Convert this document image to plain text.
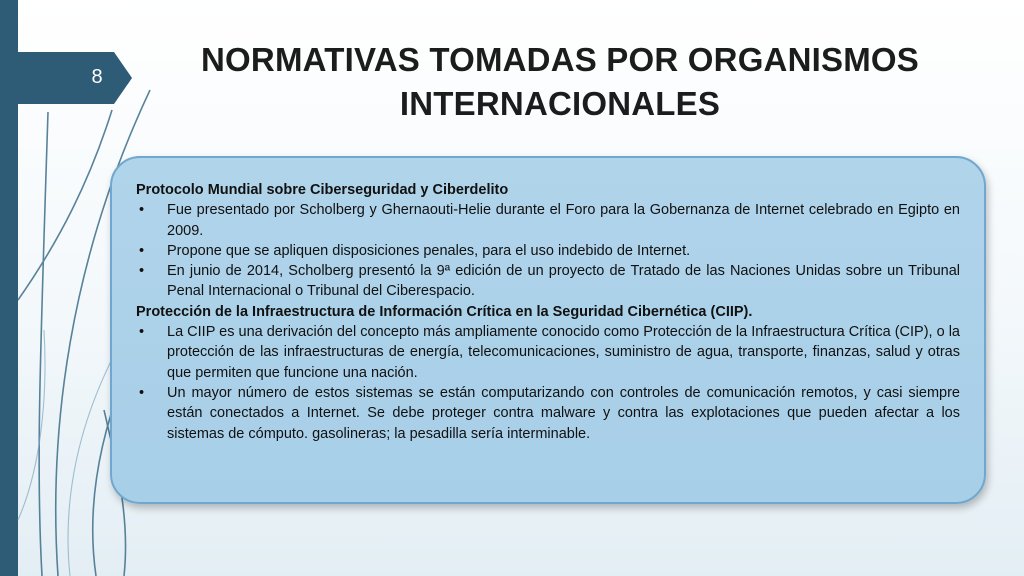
8	NORMATIVAS TOMADAS POR ORGANISMOS INTERNACIONALES
Protocolo Mundial sobre Ciberseguridad y Ciberdelito
• Fue presentado por Scholberg y Ghernaouti-Helie durante el Foro para la Gobernanza de Internet celebrado en Egipto en 2009.
• Propone que se apliquen disposiciones penales, para el uso indebido de Internet.
• En junio de 2014, Scholberg presentó la 9ª edición de un proyecto de Tratado de las Naciones Unidas sobre un Tribunal Penal Internacional o Tribunal del Ciberespacio.
Protección de la Infraestructura de Información Crítica en la Seguridad Cibernética (CIIP).
• La CIIP es una derivación del concepto más ampliamente conocido como Protección de la Infraestructura Crítica (CIP), o la protección de las infraestructuras de energía, telecomunicaciones, suministro de agua, transporte, finanzas, salud y otras que permiten que funcione una nación.
• Un mayor número de estos sistemas se están computarizando con controles de comunicación remotos, y casi siempre están conectados a Internet. Se debe proteger contra malware y contra las explotaciones que pueden afectar a los sistemas de cómputo. gasolineras; la pesadilla sería interminable.
